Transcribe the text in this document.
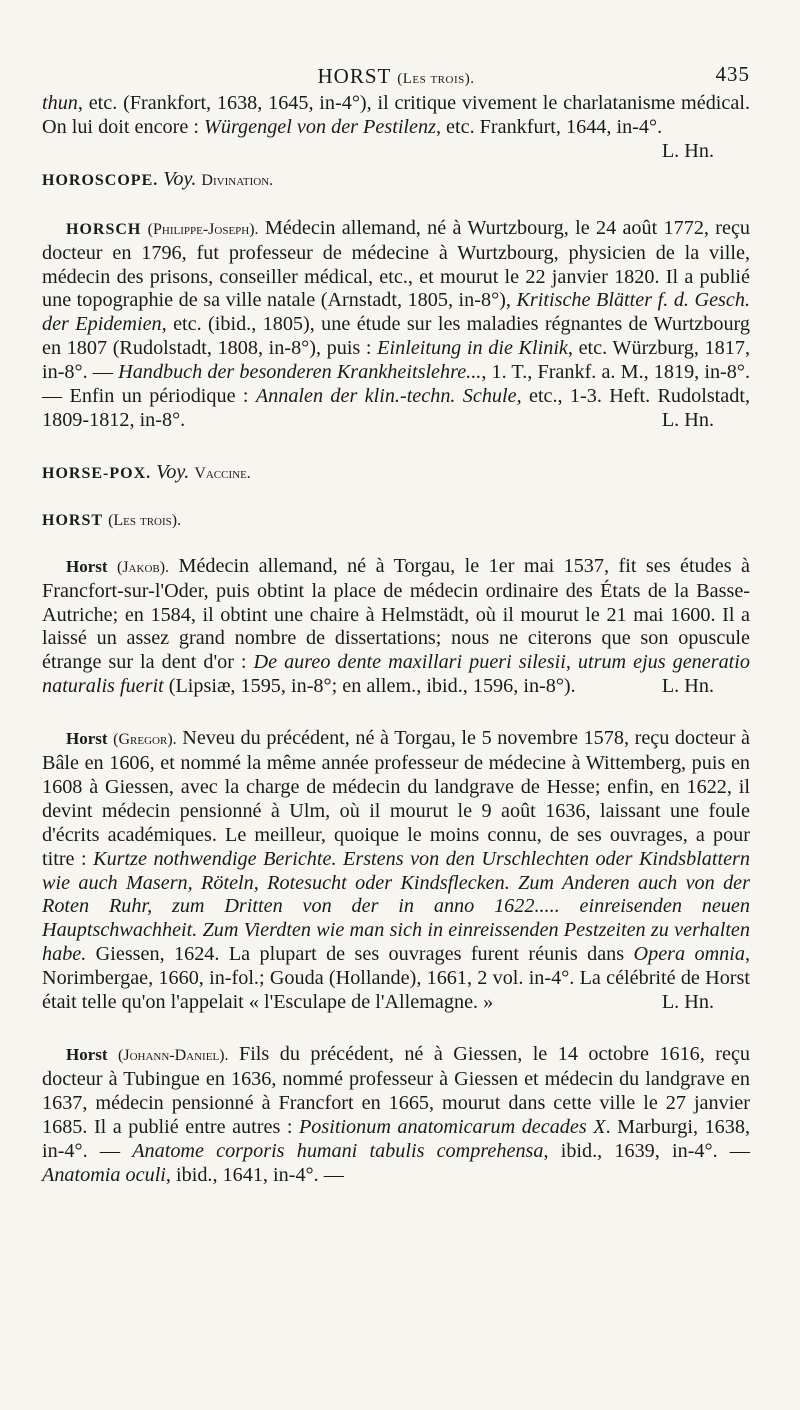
HORST (Les trois).	435

thun, etc. (Frankfort, 1638, 1645, in-4°), il critique vivement le charlatanisme médical. On lui doit encore : Würgengel von der Pestilenz, etc. Frankfurt, 1644, in-4°.
L. Hn.

HOROSCOPE. Voy. Divination.

HORSCH (Philippe-Joseph). Médecin allemand, né à Wurtzbourg, le 24 août 1772, reçu docteur en 1796, fut professeur de médecine à Wurtzbourg, physicien de la ville, médecin des prisons, conseiller médical, etc., et mourut le 22 janvier 1820. Il a publié une topographie de sa ville natale (Arnstadt, 1805, in-8°), Kritische Blätter f. d. Gesch. der Epidemien, etc. (ibid., 1805), une étude sur les maladies régnantes de Wurtzbourg en 1807 (Rudolstadt, 1808, in-8°), puis : Einleitung in die Klinik, etc. Würzburg, 1817, in-8°. — Handbuch der besonderen Krankheitslehre..., 1. T., Frankf. a. M., 1819, in-8°. — Enfin un périodique : Annalen der klin.-techn. Schule, etc., 1-3. Heft. Rudolstadt, 1809-1812, in-8°.	L. Hn.

HORSE-POX. Voy. Vaccine.

HORST (Les trois).

Horst (Jakob). Médecin allemand, né à Torgau, le 1er mai 1537, fit ses études à Francfort-sur-l'Oder, puis obtint la place de médecin ordinaire des États de la Basse-Autriche; en 1584, il obtint une chaire à Helmstädt, où il mourut le 21 mai 1600. Il a laissé un assez grand nombre de dissertations; nous ne citerons que son opuscule étrange sur la dent d'or : De aureo dente maxillari pueri silesii, utrum ejus generatio naturalis fuerit (Lipsiæ, 1595, in-8°; en allem., ibid., 1596, in-8°).	L. Hn.

Horst (Gregor). Neveu du précédent, né à Torgau, le 5 novembre 1578, reçu docteur à Bâle en 1606, et nommé la même année professeur de médecine à Wittemberg, puis en 1608 à Giessen, avec la charge de médecin du landgrave de Hesse; enfin, en 1622, il devint médecin pensionné à Ulm, où il mourut le 9 août 1636, laissant une foule d'écrits académiques. Le meilleur, quoique le moins connu, de ses ouvrages, a pour titre : Kurtze nothwendige Berichte. Erstens von den Urschlechten oder Kindsblattern wie auch Masern, Röteln, Rotesucht oder Kindsflecken. Zum Anderen auch von der Roten Ruhr, zum Dritten von der in anno 1622..... einreisenden neuen Hauptschwachheit. Zum Vierdten wie man sich in einreissenden Pestzeiten zu verhalten habe. Giessen, 1624. La plupart de ses ouvrages furent réunis dans Opera omnia, Norimbergae, 1660, in-fol.; Gouda (Hollande), 1661, 2 vol. in-4°. La célébrité de Horst était telle qu'on l'appelait « l'Esculape de l'Allemagne. »	L. Hn.

Horst (Johann-Daniel). Fils du précédent, né à Giessen, le 14 octobre 1616, reçu docteur à Tubingue en 1636, nommé professeur à Giessen et médecin du landgrave en 1637, médecin pensionné à Francfort en 1665, mourut dans cette ville le 27 janvier 1685. Il a publié entre autres : Positionum anatomicarum decades X. Marburgi, 1638, in-4°. — Anatome corporis humani tabulis comprehensa, ibid., 1639, in-4°. — Anatomia oculi, ibid., 1641, in-4°. —
